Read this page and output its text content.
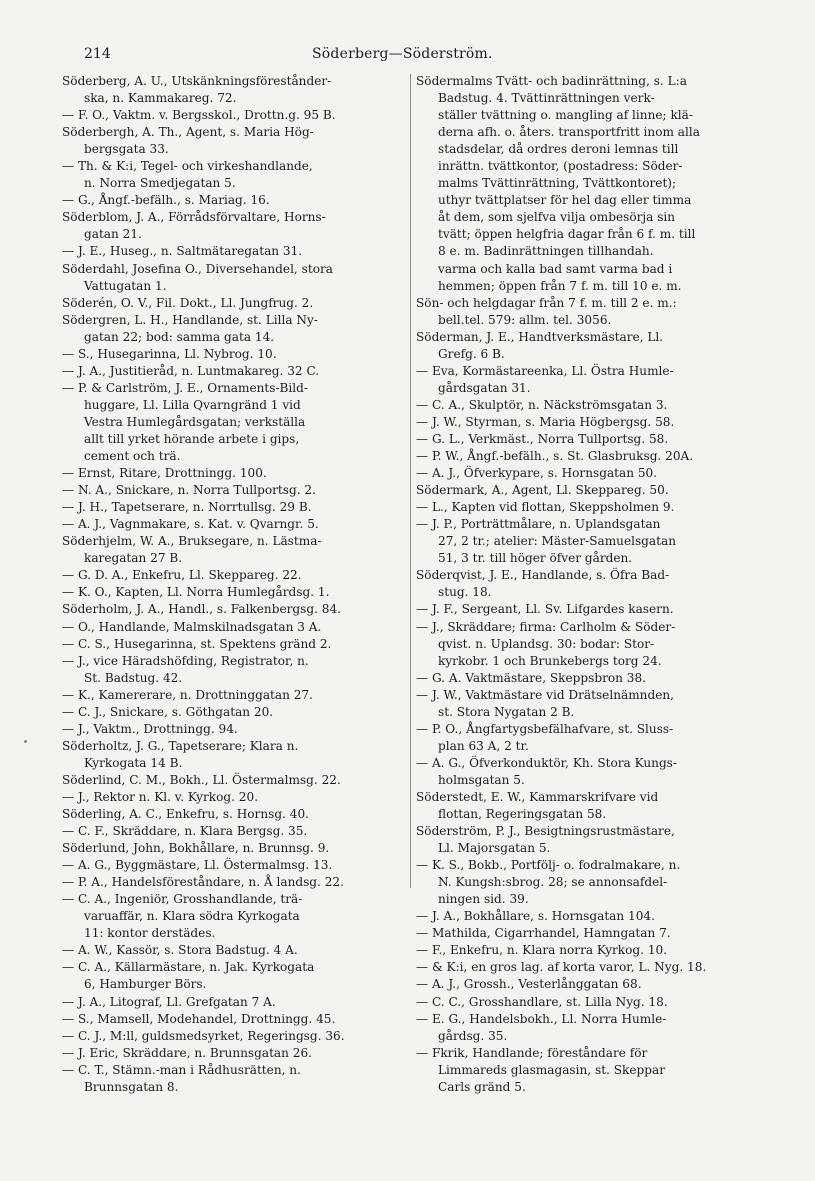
214	Söderberg—Söderström.
Söderberg, A. U., Utskänkningsförestånder-
ska, n. Kammakareg. 72.
— F. O., Vaktm. v. Bergsskol., Drottn.g. 95 B.
Söderbergh, A. Th., Agent, s. Maria Hög-
bergsgata 33.
— Th. & K:i, Tegel- och virkeshandlande,
n. Norra Smedjegatan 5.
— G., Ångf.-befälh., s. Mariag. 16.
Söderblom, J. A., Förrådsförvaltare, Horns-
gatan 21.
— J. E., Huseg., n. Saltmätaregatan 31.
Söderdahl, Josefina O., Diversehandel, stora
Vattugatan 1.
Söderén, O. V., Fil. Dokt., Ll. Jungfrug. 2.
Södergren, L. H., Handlande, st. Lilla Ny-
gatan 22; bod: samma gata 14.
— S., Husegarinna, Ll. Nybrog. 10.
— J. A., Justitieråd, n. Luntmakareg. 32 C.
— P. & Carlström, J. E., Ornaments-Bild-
huggare, Ll. Lilla Qvarngränd 1 vid
Vestra Humlegårdsgatan; verkställa
allt till yrket hörande arbete i gips,
cement och trä.
— Ernst, Ritare, Drottningg. 100.
— N. A., Snickare, n. Norra Tullportsg. 2.
— J. H., Tapetserare, n. Norrtullsg. 29 B.
— A. J., Vagnmakare, s. Kat. v. Qvarngr. 5.
Söderhjelm, W. A., Bruksegare, n. Lästma-
karegatan 27 B.
— G. D. A., Enkefru, Ll. Skeppareg. 22.
— K. O., Kapten, Ll. Norra Humlegårdsg. 1.
Söderholm, J. A., Handl., s. Falkenbergsg. 84.
— O., Handlande, Malmskilnadsgatan 3 A.
— C. S., Husegarinna, st. Spektens gränd 2.
— J., vice Häradshöfding, Registrator, n.
St. Badstug. 42.
— K., Kamererare, n. Drottninggatan 27.
— C. J., Snickare, s. Göthgatan 20.
— J., Vaktm., Drottningg. 94.
Söderholtz, J. G., Tapetserare; Klara n.
Kyrkogata 14 B.
Söderlind, C. M., Bokh., Ll. Östermalmsg. 22.
— J., Rektor n. Kl. v. Kyrkog. 20.
Söderling, A. C., Enkefru, s. Hornsg. 40.
— C. F., Skräddare, n. Klara Bergsg. 35.
Söderlund, John, Bokhållare, n. Brunnsg. 9.
— A. G., Byggmästare, Ll. Östermalmsg. 13.
— P. A., Handelsföreståndare, n. Å landsg. 22.
— C. A., Ingeniör, Grosshandlande, trä-
varuaffär, n. Klara södra Kyrkogata
11: kontor derstädes.
— A. W., Kassör, s. Stora Badstug. 4 A.
— C. A., Källarmästare, n. Jak. Kyrkogata
6, Hamburger Börs.
— J. A., Litograf, Ll. Grefgatan 7 A.
— S., Mamsell, Modehandel, Drottningg. 45.
— C. J., M:ll, guldsmedsyrket, Regeringsg. 36.
— J. Eric, Skräddare, n. Brunnsgatan 26.
— C. T., Stämn.-man i Rådhusrätten, n.
Brunnsgatan 8.
Södermalms Tvätt- och badinrättning, s. L:a
Badstug. 4. Tvättinrättningen verk-
ställer tvättning o. mangling af linne; klä-
derna afh. o. åters. transportfritt inom alla
stadsdelar, då ordres deroni lemnas till
inrättn. tvättkontor, (postadress: Söder-
malms Tvättinrättning, Tvättkontoret);
uthyr tvättplatser för hel dag eller timma
åt dem, som sjelfva vilja ombesörja sin
tvätt; öppen helgfria dagar från 6 f. m. till
8 e. m. Badinrättningen tillhandah.
varma och kalla bad samt varma bad i
hemmen; öppen från 7 f. m. till 10 e. m.
Sön- och helgdagar från 7 f. m. till 2 e. m.:
bell.tel. 579: allm. tel. 3056.
Söderman, J. E., Handtverksmästare, Ll.
Grefg. 6 B.
— Eva, Kormästareenka, Ll. Östra Humle-
gårdsgatan 31.
— C. A., Skulptör, n. Näckströmsgatan 3.
— J. W., Styrman, s. Maria Högbergsg. 58.
— G. L., Verkmäst., Norra Tullportsg. 58.
— P. W., Ångf.-befälh., s. St. Glasbruksg. 20A.
— A. J., Öfverkypare, s. Hornsgatan 50.
Södermark, A., Agent, Ll. Skeppareg. 50.
— L., Kapten vid flottan, Skeppsholmen 9.
— J. P., Porträttmålare, n. Uplandsgatan
27, 2 tr.; atelier: Mäster-Samuelsgatan
51, 3 tr. till höger öfver gården.
Söderqvist, J. E., Handlande, s. Öfra Bad-
stug. 18.
— J. F., Sergeant, Ll. Sv. Lifgardes kasern.
— J., Skräddare; firma: Carlholm & Söder-
qvist. n. Uplandsg. 30: bodar: Stor-
kyrkobr. 1 och Brunkebergs torg 24.
— G. A. Vaktmästare, Skeppsbron 38.
— J. W., Vaktmästare vid Drätselnämnden,
st. Stora Nygatan 2 B.
— P. O., Ångfartygsbefälhafvare, st. Sluss-
plan 63 A, 2 tr.
— A. G., Öfverkonduktör, Kh. Stora Kungs-
holmsgatan 5.
Söderstedt, E. W., Kammarskrifvare vid
flottan, Regeringsgatan 58.
Söderström, P. J., Besigtningsrustmästare,
Ll. Majorsgatan 5.
— K. S., Bokb., Portfölj- o. fodralmakare, n.
N. Kungsh:sbrog. 28; se annonsafdel-
ningen sid. 39.
— J. A., Bokhållare, s. Hornsgatan 104.
— Mathilda, Cigarrhandel, Hamngatan 7.
— F., Enkefru, n. Klara norra Kyrkog. 10.
— & K:i, en gros lag. af korta varor, L. Nyg. 18.
— A. J., Grossh., Vesterlånggatan 68.
— C. C., Grosshandlare, st. Lilla Nyg. 18.
— E. G., Handelsbokh., Ll. Norra Humle-
gårdsg. 35.
— Fkrik, Handlande; föreståndare för
Limmareds glasmagasin, st. Skeppar
Carls gränd 5.
